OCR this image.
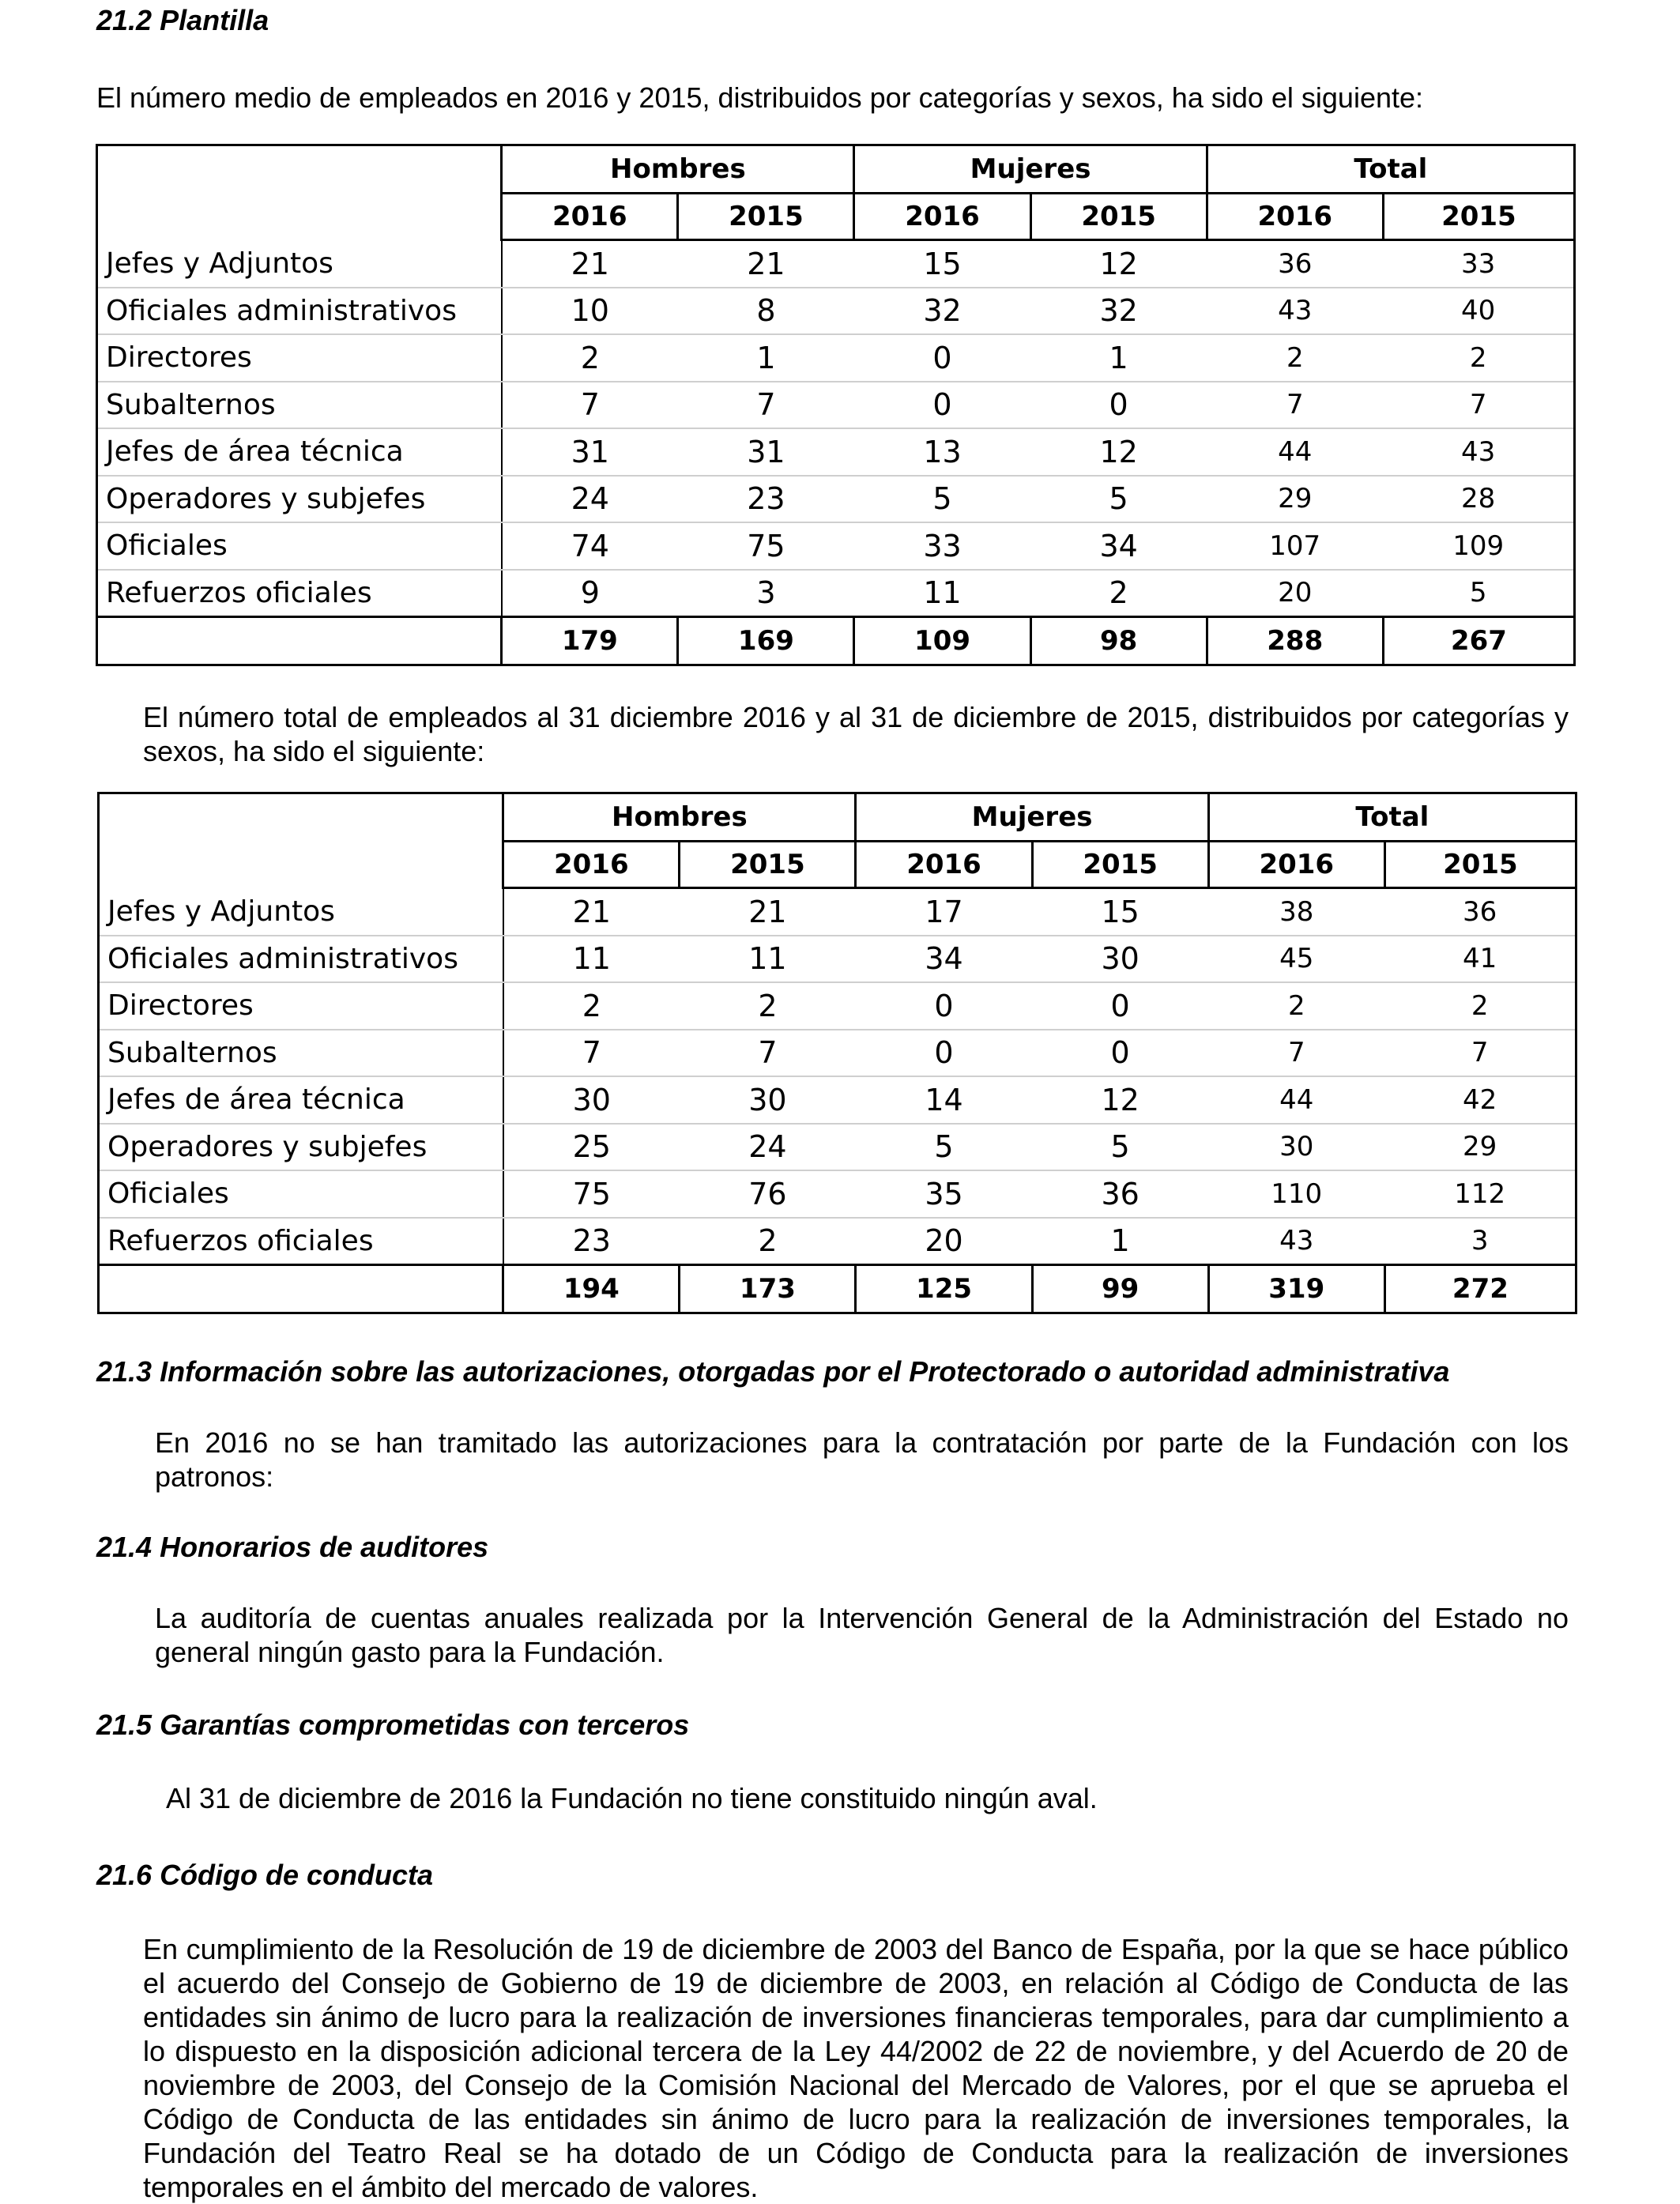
21.2 Plantilla
El número medio de empleados en 2016 y 2015, distribuidos por categorías y sexos, ha sido el siguiente:
	Hombres		Mujeres		Total	
	2016	2015	2016	2015	2016	2015
Jefes y Adjuntos	21	21	15	12	36	33
Oficiales administrativos	10	8	32	32	43	40
Directores	2	1	0	1	2	2
Subalternos	7	7	0	0	7	7
Jefes de área técnica	31	31	13	12	44	43
Operadores y subjefes	24	23	5	5	29	28
Oficiales	74	75	33	34	107	109
Refuerzos oficiales	9	3	11	2	20	5
	179	169	109	98	288	267
El número total de empleados al 31 diciembre 2016 y al 31 de diciembre de 2015, distribuidos por categorías y sexos, ha sido el siguiente:
	Hombres		Mujeres		Total	
	2016	2015	2016	2015	2016	2015
Jefes y Adjuntos	21	21	17	15	38	36
Oficiales administrativos	11	11	34	30	45	41
Directores	2	2	0	0	2	2
Subalternos	7	7	0	0	7	7
Jefes de área técnica	30	30	14	12	44	42
Operadores y subjefes	25	24	5	5	30	29
Oficiales	75	76	35	36	110	112
Refuerzos oficiales	23	2	20	1	43	3
	194	173	125	99	319	272
21.3 Información sobre las autorizaciones, otorgadas por el Protectorado o autoridad administrativa
En 2016 no se han tramitado las autorizaciones para la contratación por parte de la Fundación con los patronos:
21.4 Honorarios de auditores
La auditoría de cuentas anuales realizada por la Intervención General de la Administración del Estado no general ningún gasto para la Fundación.
21.5 Garantías comprometidas con terceros
Al 31 de diciembre de 2016 la Fundación no tiene constituido ningún aval.
21.6 Código de conducta
En cumplimiento de la Resolución de 19 de diciembre de 2003 del Banco de España, por la que se hace público el acuerdo del Consejo de Gobierno de 19 de diciembre de 2003, en relación al Código de Conducta de las entidades sin ánimo de lucro para la realización de inversiones financieras temporales, para dar cumplimiento a lo dispuesto en la disposición adicional tercera de la Ley 44/2002 de 22 de noviembre, y del Acuerdo de 20 de noviembre de 2003, del Consejo de la Comisión Nacional del Mercado de Valores, por el que se aprueba el Código de Conducta de las entidades sin ánimo de lucro para la realización de inversiones temporales, la Fundación del Teatro Real se ha dotado de un Código de Conducta para la realización de inversiones temporales en el ámbito del mercado de valores.
